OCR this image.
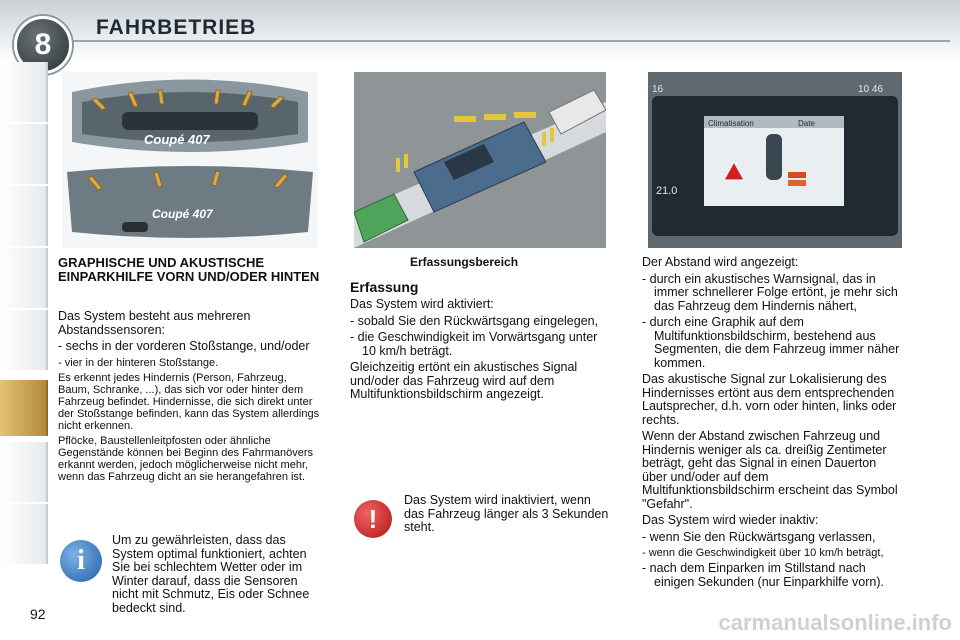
8
FAHRBETRIEB
Coupé 407
Coupé 407
Erfassungsbereich
16	10 46
Climatisation	Date
21.0
GRAPHISCHE UND AKUSTISCHE EINPARKHILFE VORN UND/ODER HINTEN

Das System besteht aus mehreren Abstandssensoren:

- sechs in der vorderen Stoßstange, und/oder

- vier in der hinteren Stoßstange.

Es erkennt jedes Hindernis (Person, Fahrzeug, Baum, Schranke, ...), das sich vor oder hinter dem Fahrzeug befindet. Hindernisse, die sich direkt unter der Stoßstange befinden, kann das System allerdings nicht erkennen.

Pflöcke, Baustellenleitpfosten oder ähnliche Gegenstände können bei Beginn des Fahrmanövers erkannt werden, jedoch möglicherweise nicht mehr, wenn das Fahrzeug dicht an sie herangefahren ist.

i

Um zu gewährleisten, dass das System optimal funktioniert, achten Sie bei schlechtem Wetter oder im Winter darauf, dass die Sensoren nicht mit Schmutz, Eis oder Schnee bedeckt sind.

Erfassung

Das System wird aktiviert:

- sobald Sie den Rückwärtsgang eingelegen,

- die Geschwindigkeit im Vorwärtsgang unter 10 km/h beträgt.

Gleichzeitig ertönt ein akustisches Signal und/oder das Fahrzeug wird auf dem Multifunktionsbildschirm angezeigt.

!
Das System wird inaktiviert, wenn das Fahrzeug länger als 3 Sekunden steht.

Der Abstand wird angezeigt:

- durch ein akustisches Warnsignal, das in immer schnellerer Folge ertönt, je mehr sich das Fahrzeug dem Hindernis nähert,

- durch eine Graphik auf dem Multifunktionsbildschirm, bestehend aus Segmenten, die dem Fahrzeug immer näher kommen.

Das akustische Signal zur Lokalisierung des Hindernisses ertönt aus dem entsprechenden Lautsprecher, d.h. vorn oder hinten, links oder rechts.

Wenn der Abstand zwischen Fahrzeug und Hindernis weniger als ca. dreißig Zentimeter beträgt, geht das Signal in einen Dauerton über und/oder auf dem Multifunktionsbildschirm erscheint das Symbol "Gefahr".

Das System wird wieder inaktiv:

- wenn Sie den Rückwärtsgang verlassen,

- wenn die Geschwindigkeit über 10 km/h beträgt,

- nach dem Einparken im Stillstand nach einigen Sekunden (nur Einparkhilfe vorn).

92	carmanualsonline.info
